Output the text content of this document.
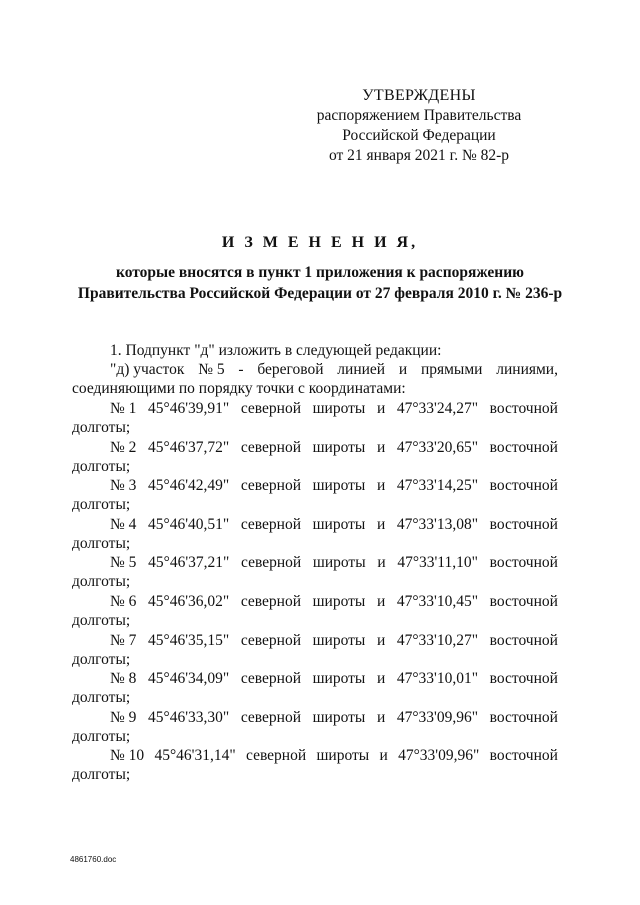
УТВЕРЖДЕНЫ
распоряжением Правительства
Российской Федерации
от 21 января 2021 г. № 82-р
И З М Е Н Е Н И Я,
которые вносятся в пункт 1 приложения к распоряжению
Правительства Российской Федерации от 27 февраля 2010 г. № 236-р

1. Подпункт "д" изложить в следующей редакции:

"д) участок № 5 - береговой линией и прямыми линиями,

соединяющими по порядку точки с координатами:

№ 1 45°46'39,91" северной широты и 47°33'24,27" восточной
долготы;
№ 2 45°46'37,72" северной широты и 47°33'20,65" восточной
долготы;
№ 3 45°46'42,49" северной широты и 47°33'14,25" восточной
долготы;
№ 4 45°46'40,51" северной широты и 47°33'13,08" восточной
долготы;
№ 5 45°46'37,21" северной широты и 47°33'11,10" восточной
долготы;
№ 6 45°46'36,02" северной широты и 47°33'10,45" восточной
долготы;
№ 7 45°46'35,15" северной широты и 47°33'10,27" восточной
долготы;
№ 8 45°46'34,09" северной широты и 47°33'10,01" восточной
долготы;
№ 9 45°46'33,30" северной широты и 47°33'09,96" восточной
долготы;
№ 10 45°46'31,14" северной широты и 47°33'09,96" восточной
долготы;
4861760.doc
